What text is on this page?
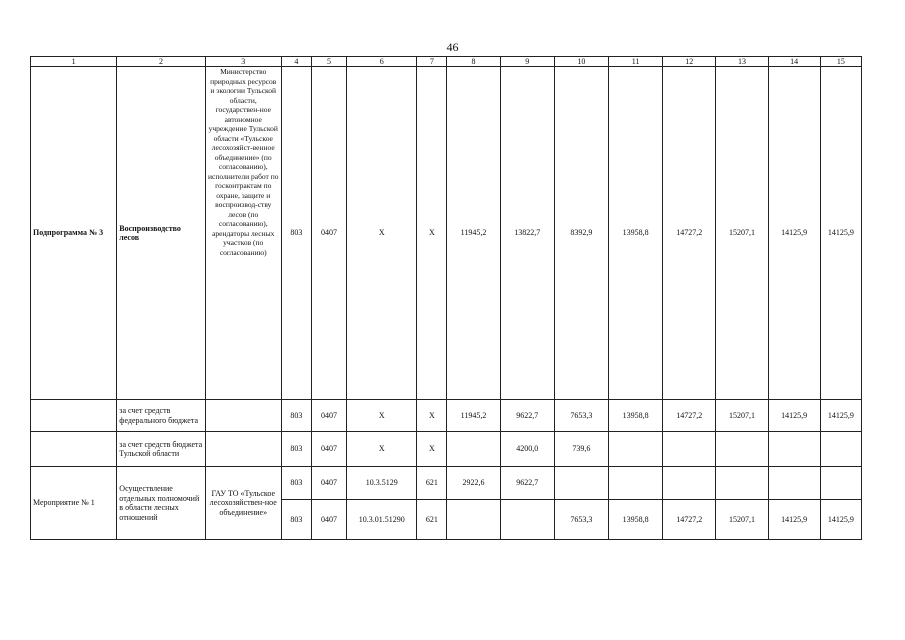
46
1	2	3	4	5	6	7	8	9	10	11	12	13	14	15
Подпрограмма № 3	Воспроизводство лесов	Министерство природных ресурсов и экологии Тульской области, государствен-ное автономное учреждение Тульской области «Тульское лесохозяйст-венное объединение» (по согласованию), исполнители работ по госконтрактам по охране, защите и воспроизвод-ству лесов (по согласованию), арендаторы лесных участков (по согласованию)	803	0407	Х	Х	11945,2	13822,7	8392,9	13958,8	14727,2	15207,1	14125,9	14125,9
	за счет средств федерального бюджета		803	0407	Х	Х	11945,2	9622,7	7653,3	13958,8	14727,2	15207,1	14125,9	14125,9
	за счет средств бюджета Тульской области		803	0407	Х	Х		4200,0	739,6					
Мероприятие № 1	Осуществление отдельных полномочий в области лесных отношений	ГАУ ТО «Тульское лесохозяйствен-ное объединение»	803	0407	10.3.5129	621	2922,6	9622,7						
			803	0407	10.3.01.51290	621			7653,3	13958,8	14727,2	15207,1	14125,9	14125,9
